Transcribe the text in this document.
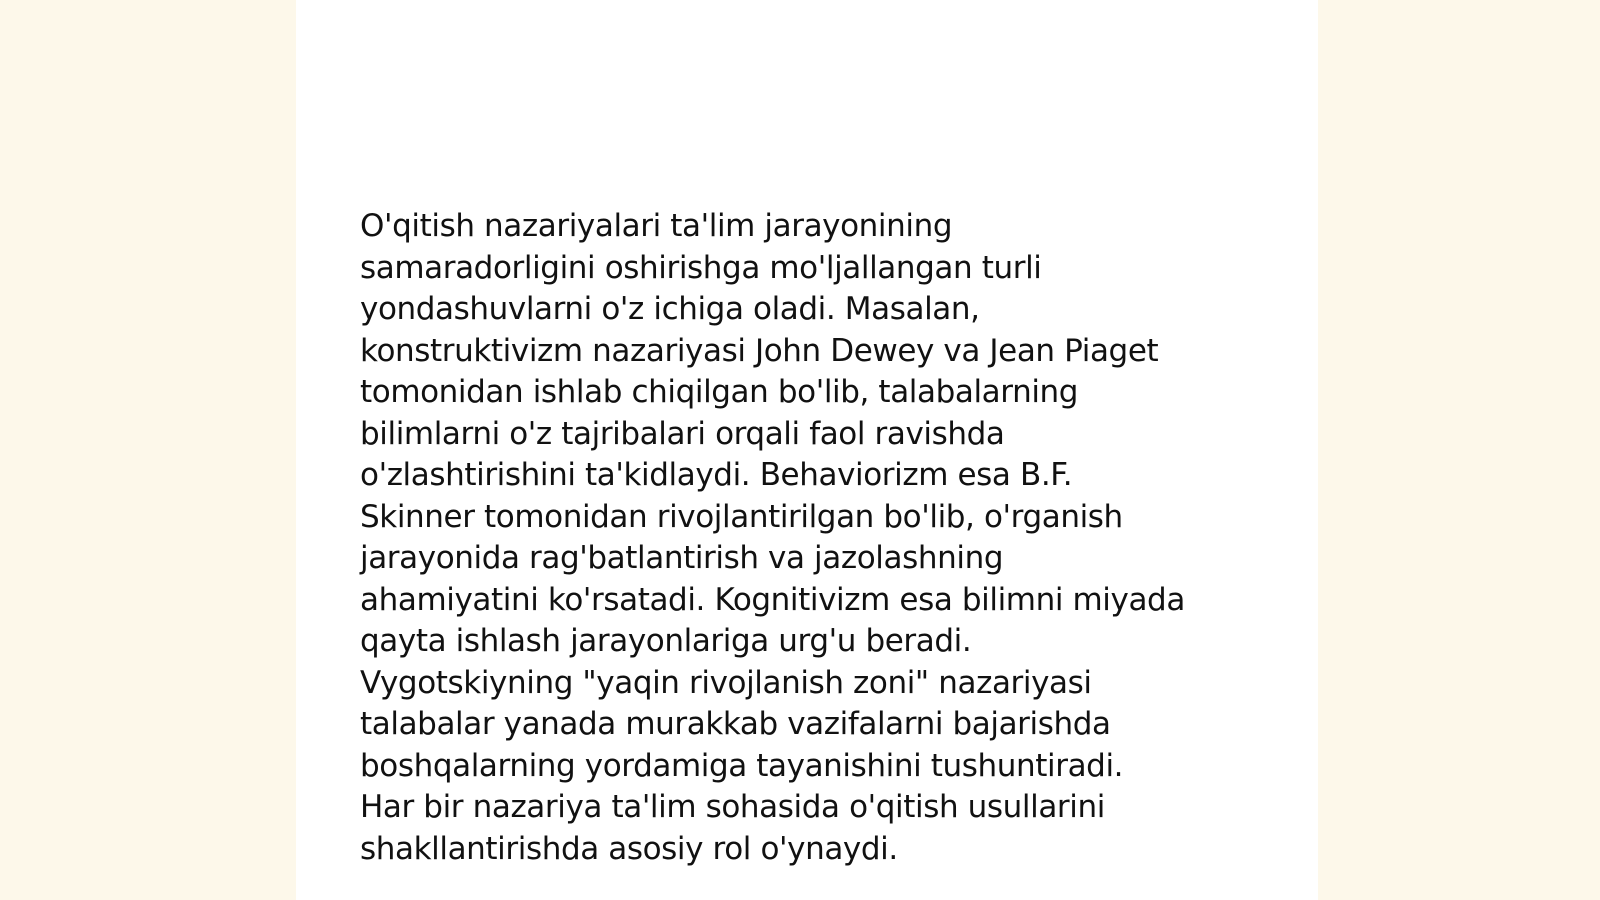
O'qitish nazariyalari ta'lim jarayonining
samaradorligini oshirishga mo'ljallangan turli
yondashuvlarni o'z ichiga oladi. Masalan,
konstruktivizm nazariyasi John Dewey va Jean Piaget
tomonidan ishlab chiqilgan bo'lib, talabalarning
bilimlarni o'z tajribalari orqali faol ravishda
o'zlashtirishini ta'kidlaydi. Behaviorizm esa B.F.
Skinner tomonidan rivojlantirilgan bo'lib, o'rganish
jarayonida rag'batlantirish va jazolashning
ahamiyatini ko'rsatadi. Kognitivizm esa bilimni miyada
qayta ishlash jarayonlariga urg'u beradi.
Vygotskiyning "yaqin rivojlanish zoni" nazariyasi
talabalar yanada murakkab vazifalarni bajarishda
boshqalarning yordamiga tayanishini tushuntiradi.
Har bir nazariya ta'lim sohasida o'qitish usullarini
shakllantirishda asosiy rol o'ynaydi.
